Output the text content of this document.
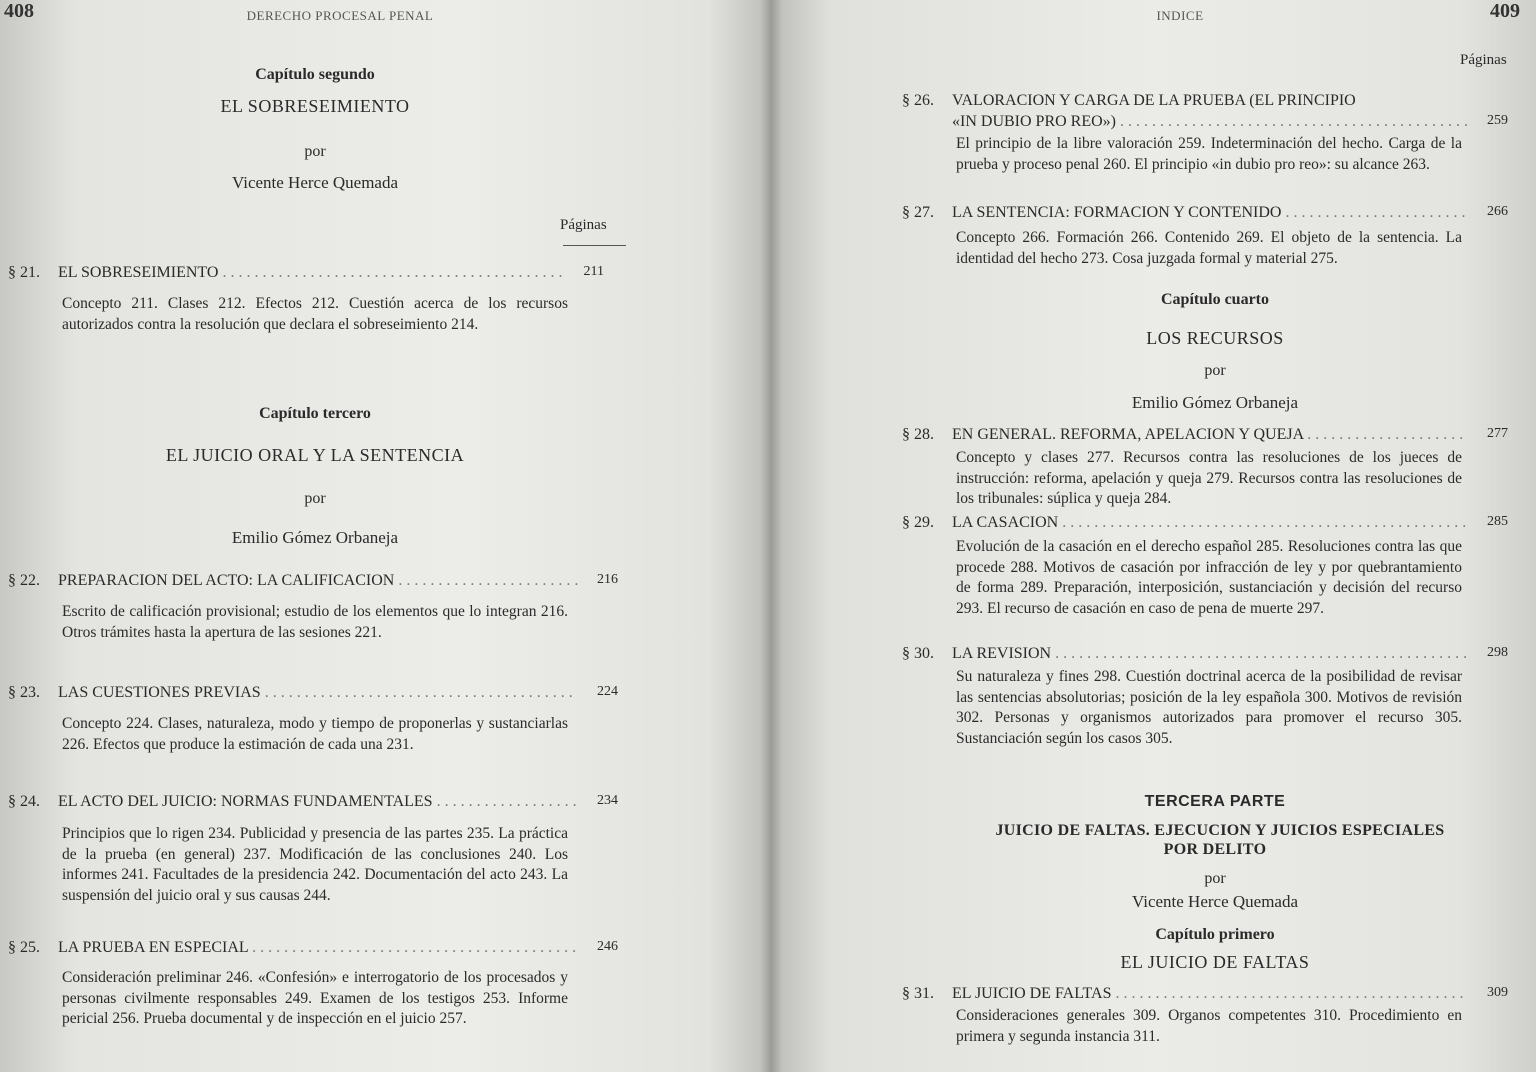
408	DERECHO PROCESAL PENAL
Capítulo segundo
EL SOBRESEIMIENTO
por
Vicente Herce Quemada
Páginas
§ 21.	EL SOBRESEIMIENTO . . .	211
Concepto 211. Clases 212. Efectos 212. Cuestión acerca de los recursos autorizados contra la resolución que declara el sobreseimiento 214.
Capítulo tercero
EL JUICIO ORAL Y LA SENTENCIA
por
Emilio Gómez Orbaneja
§ 22.	PREPARACION DEL ACTO: LA CALIFICACION . . .	216
Escrito de calificación provisional; estudio de los elementos que lo integran 216. Otros trámites hasta la apertura de las sesiones 221.
§ 23.	LAS CUESTIONES PREVIAS . . .	224
Concepto 224. Clases, naturaleza, modo y tiempo de proponerlas y sustanciarlas 226. Efectos que produce la estimación de cada una 231.
§ 24.	EL ACTO DEL JUICIO: NORMAS FUNDAMENTALES . . .	234
Principios que lo rigen 234. Publicidad y presencia de las partes 235. La práctica de la prueba (en general) 237. Modificación de las conclusiones 240. Los informes 241. Facultades de la presidencia 242. Documentación del acto 243. La suspensión del juicio oral y sus causas 244.
§ 25.	LA PRUEBA EN ESPECIAL . . .	246
Consideración preliminar 246. «Confesión» e interrogatorio de los procesados y personas civilmente responsables 249. Examen de los testigos 253. Informe pericial 256. Prueba documental y de inspección en el juicio 257.
INDICE	409
Páginas
§ 26.	VALORACION Y CARGA DE LA PRUEBA (EL PRINCIPIO
«IN DUBIO PRO REO») . . .	259
El principio de la libre valoración 259. Indeterminación del hecho. Carga de la prueba y proceso penal 260. El principio «in dubio pro reo»: su alcance 263.
§ 27.	LA SENTENCIA: FORMACION Y CONTENIDO . . .	266
Concepto 266. Formación 266. Contenido 269. El objeto de la sentencia. La identidad del hecho 273. Cosa juzgada formal y material 275.
Capítulo cuarto
LOS RECURSOS
por
Emilio Gómez Orbaneja
§ 28.	EN GENERAL. REFORMA, APELACION Y QUEJA . . .	277
Concepto y clases 277. Recursos contra las resoluciones de los jueces de instrucción: reforma, apelación y queja 279. Recursos contra las resoluciones de los tribunales: súplica y queja 284.
§ 29.	LA CASACION . . .	285
Evolución de la casación en el derecho español 285. Resoluciones contra las que procede 288. Motivos de casación por infracción de ley y por quebrantamiento de forma 289. Preparación, interposición, sustanciación y decisión del recurso 293. El recurso de casación en caso de pena de muerte 297.
§ 30.	LA REVISION . . .	298
Su naturaleza y fines 298. Cuestión doctrinal acerca de la posibilidad de revisar las sentencias absolutorias; posición de la ley española 300. Motivos de revisión 302. Personas y organismos autorizados para promover el recurso 305. Sustanciación según los casos 305.
TERCERA PARTE
JUICIO DE FALTAS. EJECUCION Y JUICIOS ESPECIALES
POR DELITO
por
Vicente Herce Quemada
Capítulo primero
EL JUICIO DE FALTAS
§ 31.	EL JUICIO DE FALTAS . . .	309
Consideraciones generales 309. Organos competentes 310. Procedimiento en primera y segunda instancia 311.
